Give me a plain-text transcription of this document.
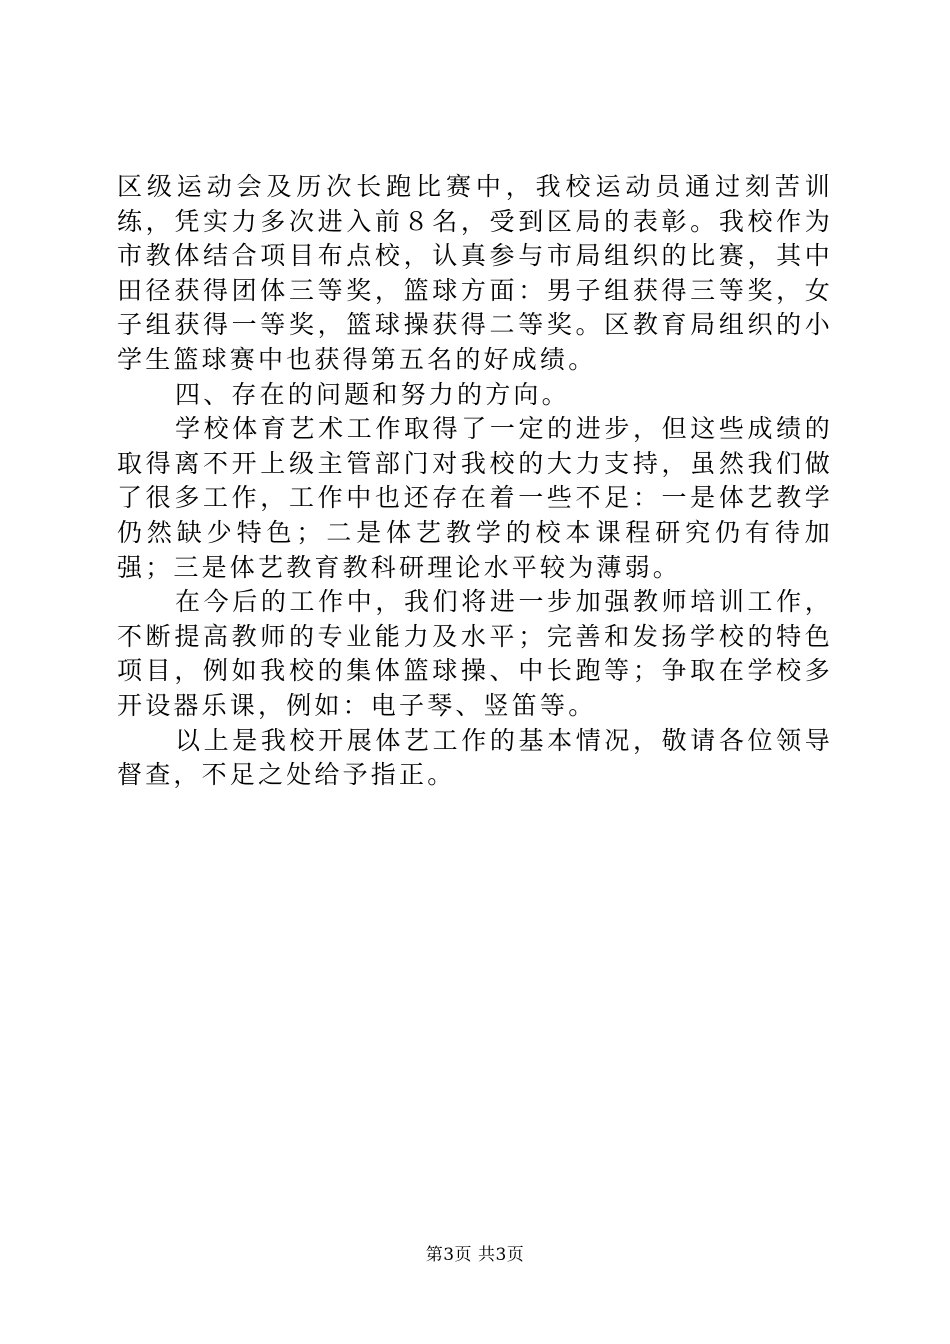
区级运动会及历次长跑比赛中，我校运动员通过刻苦训练，凭实力多次进入前８名，受到区局的表彰。我校作为市教体结合项目布点校，认真参与市局组织的比赛，其中田径获得团体三等奖，篮球方面：男子组获得三等奖，女子组获得一等奖，篮球操获得二等奖。区教育局组织的小学生篮球赛中也获得第五名的好成绩。

四、存在的问题和努力的方向。

学校体育艺术工作取得了一定的进步，但这些成绩的取得离不开上级主管部门对我校的大力支持，虽然我们做了很多工作，工作中也还存在着一些不足：一是体艺教学仍然缺少特色；二是体艺教学的校本课程研究仍有待加强；三是体艺教育教科研理论水平较为薄弱。

在今后的工作中，我们将进一步加强教师培训工作，不断提高教师的专业能力及水平；完善和发扬学校的特色项目，例如我校的集体篮球操、中长跑等；争取在学校多开设器乐课，例如：电子琴、竖笛等。

以上是我校开展体艺工作的基本情况，敬请各位领导督查，不足之处给予指正。

第3页 共3页
